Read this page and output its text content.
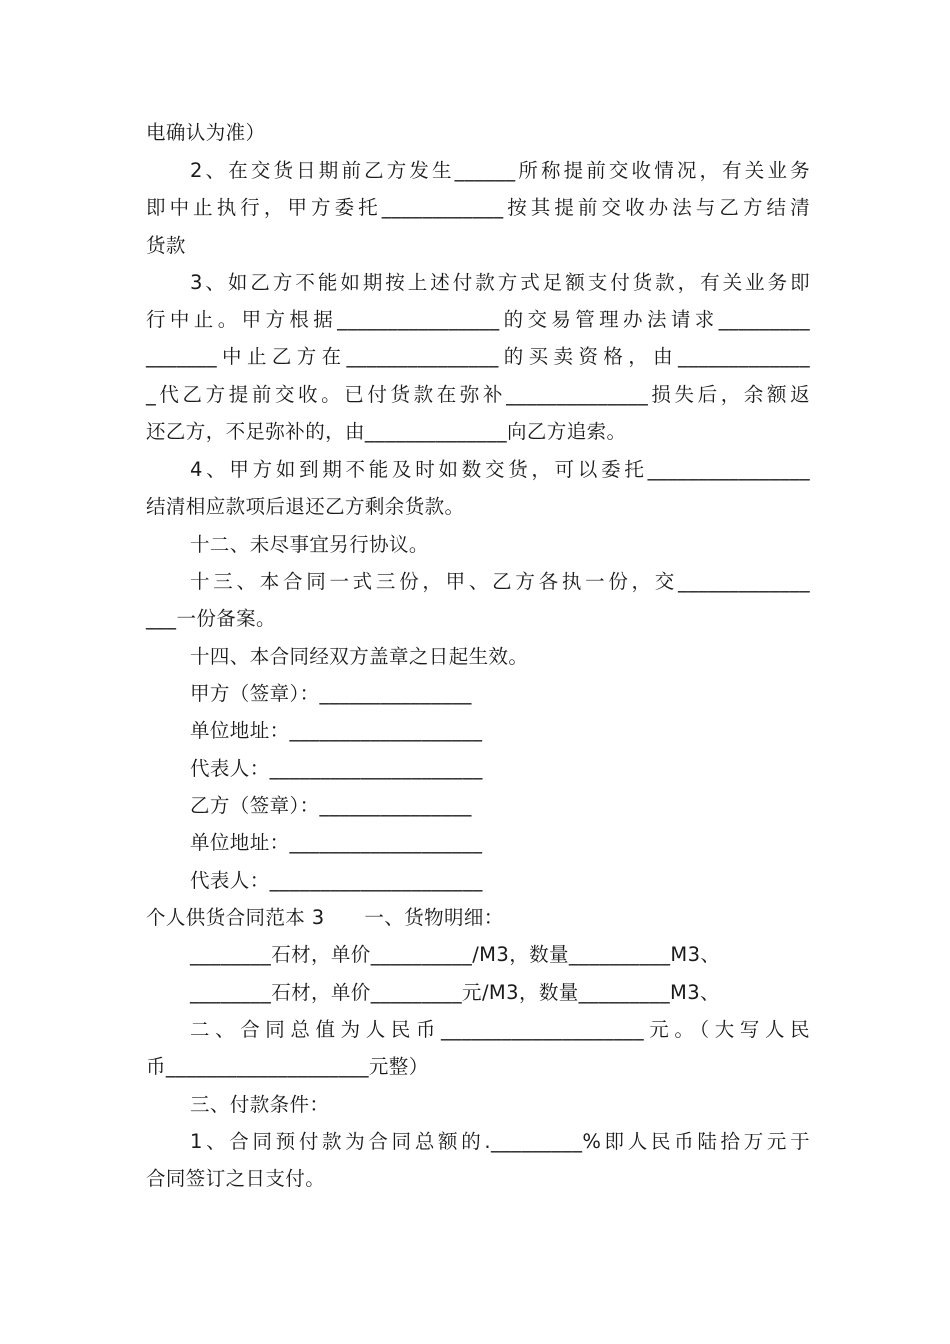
电确认为准）
2、在交货日期前乙方发生______所称提前交收情况，有关业务
即中止执行，甲方委托____________按其提前交收办法与乙方结清
货款
3、如乙方不能如期按上述付款方式足额支付货款，有关业务即
行中止。甲方根据________________的交易管理办法请求_________
_______中止乙方在_______________的买卖资格，由_____________
_代乙方提前交收。已付货款在弥补______________损失后，余额返
还乙方，不足弥补的，由______________向乙方追索。
4、甲方如到期不能及时如数交货，可以委托________________
结清相应款项后退还乙方剩余货款。
十二、未尽事宜另行协议。
十三、本合同一式三份，甲、乙方各执一份，交_____________
___一份备案。
十四、本合同经双方盖章之日起生效。
甲方（签章）：_______________
单位地址：___________________
代表人：_____________________
乙方（签章）：_______________
单位地址：___________________
代表人：_____________________
个人供货合同范本 3　　一、货物明细：
________石材，单价__________/M3，数量__________M3、
________石材，单价_________元/M3，数量_________M3、
二、合同总值为人民币____________________元。（大写人民
币____________________元整）
三、付款条件：
1、合同预付款为合同总额的._________%即人民币陆拾万元于
合同签订之日支付。
